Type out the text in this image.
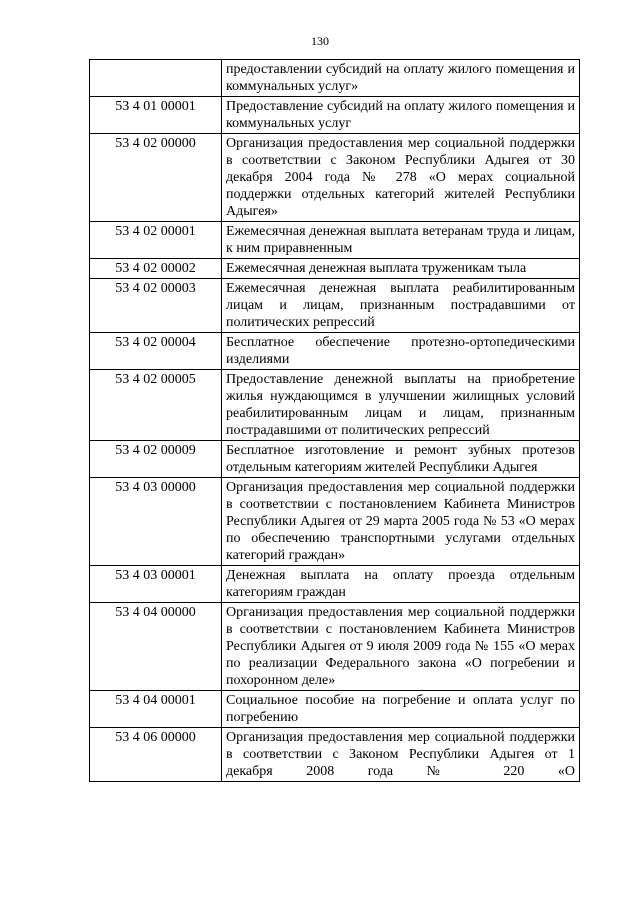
130
	предоставлении субсидий на оплату жилого помещения и коммунальных услуг»
53 4 01 00001	Предоставление субсидий на оплату жилого помещения и коммунальных услуг
53 4 02 00000	Организация предоставления мер социальной поддержки в соответствии с Законом Республики Адыгея от 30 декабря 2004 года № 278 «О мерах социальной поддержки отдельных категорий жителей Республики Адыгея»
53 4 02 00001	Ежемесячная денежная выплата ветеранам труда и лицам, к ним приравненным
53 4 02 00002	Ежемесячная денежная выплата труженикам тыла
53 4 02 00003	Ежемесячная денежная выплата реабилитированным лицам и лицам, признанным пострадавшими от политических репрессий
53 4 02 00004	Бесплатное обеспечение протезно-ортопедическими изделиями
53 4 02 00005	Предоставление денежной выплаты на приобретение жилья нуждающимся в улучшении жилищных условий реабилитированным лицам и лицам, признанным пострадавшими от политических репрессий
53 4 02 00009	Бесплатное изготовление и ремонт зубных протезов отдельным категориям жителей Республики Адыгея
53 4 03 00000	Организация предоставления мер социальной поддержки в соответствии с постановлением Кабинета Министров Республики Адыгея от 29 марта 2005 года № 53 «О мерах по обеспечению транспортными услугами отдельных категорий граждан»
53 4 03 00001	Денежная выплата на оплату проезда отдельным категориям граждан
53 4 04 00000	Организация предоставления мер социальной поддержки в соответствии с постановлением Кабинета Министров Республики Адыгея от 9 июля 2009 года № 155 «О мерах по реализации Федерального закона «О погребении и похоронном деле»
53 4 04 00001	Социальное пособие на погребение и оплата услуг по погребению
53 4 06 00000	Организация предоставления мер социальной поддержки в соответствии с Законом Республики Адыгея от 1 декабря 2008 года № 220 «О
